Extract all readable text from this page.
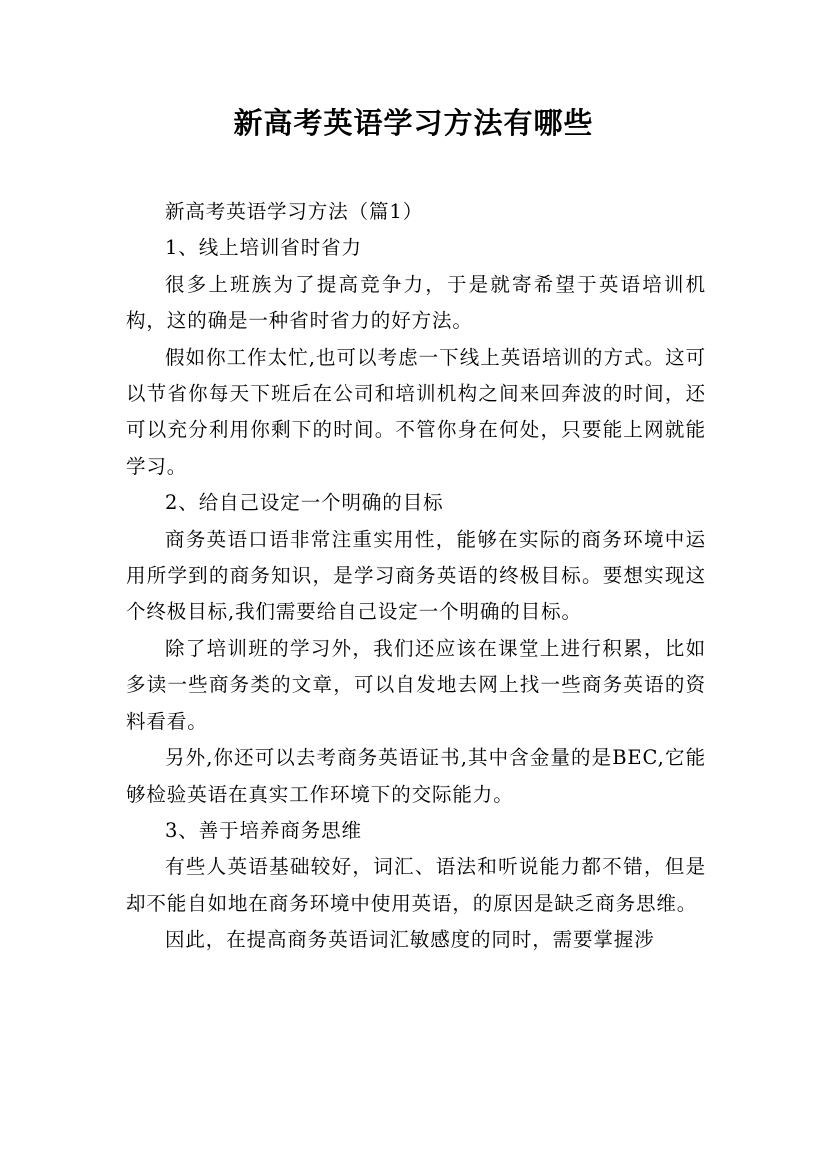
新高考英语学习方法有哪些

新高考英语学习方法（篇1）

1、线上培训省时省力

很多上班族为了提高竞争力，于是就寄希望于英语培训机构，这的确是一种省时省力的好方法。

假如你工作太忙,也可以考虑一下线上英语培训的方式。这可以节省你每天下班后在公司和培训机构之间来回奔波的时间，还可以充分利用你剩下的时间。不管你身在何处，只要能上网就能学习。

2、给自己设定一个明确的目标

商务英语口语非常注重实用性，能够在实际的商务环境中运用所学到的商务知识，是学习商务英语的终极目标。要想实现这个终极目标,我们需要给自己设定一个明确的目标。

除了培训班的学习外，我们还应该在课堂上进行积累，比如多读一些商务类的文章，可以自发地去网上找一些商务英语的资料看看。

另外,你还可以去考商务英语证书,其中含金量的是BEC,它能够检验英语在真实工作环境下的交际能力。

3、善于培养商务思维

有些人英语基础较好，词汇、语法和听说能力都不错，但是却不能自如地在商务环境中使用英语，的原因是缺乏商务思维。

因此，在提高商务英语词汇敏感度的同时，需要掌握涉
